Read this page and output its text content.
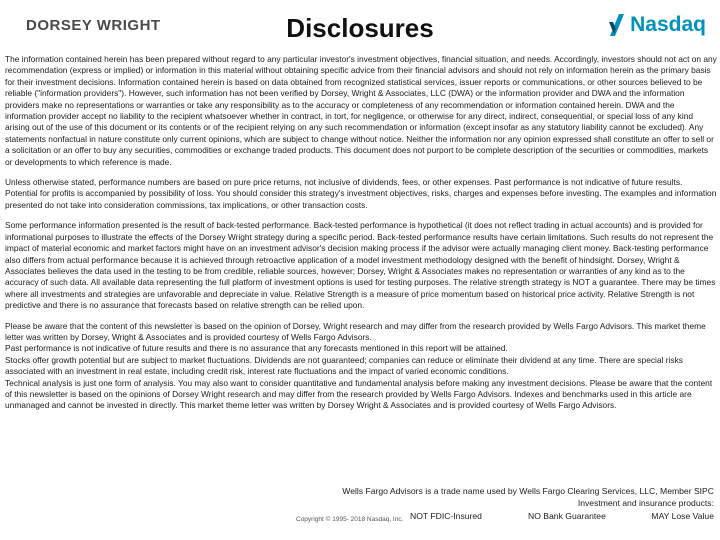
DORSEY WRIGHT	Disclosures	Nasdaq

The information contained herein has been prepared without regard to any particular investor's investment objectives, financial situation, and needs. Accordingly, investors should not act on any recommendation (express or implied) or information in this material without obtaining specific advice from their financial advisors and should not rely on information herein as the primary basis for their investment decisions. Information contained herein is based on data obtained from recognized statistical services, issuer reports or communications, or other sources believed to be reliable ("information providers"). However, such information has not been verified by Dorsey, Wright & Associates, LLC (DWA) or the information provider and DWA and the information providers make no representations or warranties or take any responsibility as to the accuracy or completeness of any recommendation or information contained herein. DWA and the information provider accept no liability to the recipient whatsoever whether in contract, in tort, for negligence, or otherwise for any direct, indirect, consequential, or special loss of any kind arising out of the use of this document or its contents or of the recipient relying on any such recommendation or information (except insofar as any statutory liability cannot be excluded). Any statements nonfactual in nature constitute only current opinions, which are subject to change without notice. Neither the information nor any opinion expressed shall constitute an offer to sell or a solicitation or an offer to buy any securities, commodities or exchange traded products. This document does not purport to be complete description of the securities or commodities, markets or developments to which reference is made.

Unless otherwise stated, performance numbers are based on pure price returns, not inclusive of dividends, fees, or other expenses. Past performance is not indicative of future results. Potential for profits is accompanied by possibility of loss. You should consider this strategy's investment objectives, risks, charges and expenses before investing. The examples and information presented do not take into consideration commissions, tax implications, or other transaction costs.

Some performance information presented is the result of back-tested performance. Back-tested performance is hypothetical (it does not reflect trading in actual accounts) and is provided for informational purposes to illustrate the effects of the Dorsey Wright strategy during a specific period. Back-tested performance results have certain limitations. Such results do not represent the impact of material economic and market factors might have on an investment advisor's decision making process if the advisor were actually managing client money. Back-testing performance also differs from actual performance because it is achieved through retroactive application of a model investment methodology designed with the benefit of hindsight. Dorsey, Wright & Associates believes the data used in the testing to be from credible, reliable sources, however; Dorsey, Wright & Associates makes no representation or warranties of any kind as to the accuracy of such data. All available data representing the full platform of investment options is used for testing purposes. The relative strength strategy is NOT a guarantee. There may be times where all investments and strategies are unfavorable and depreciate in value. Relative Strength is a measure of price momentum based on historical price activity. Relative Strength is not predictive and there is no assurance that forecasts based on relative strength can be relied upon.

Please be aware that the content of this newsletter is based on the opinion of Dorsey, Wright research and may differ from the research provided by Wells Fargo Advisors. This market theme letter was written by Dorsey, Wright & Associates and is provided courtesy of Wells Fargo Advisors.
Past performance is not indicative of future results and there is no assurance that any forecasts mentioned in this report will be attained.
Stocks offer growth potential but are subject to market fluctuations. Dividends are not guaranteed; companies can reduce or eliminate their dividend at any time. There are special risks associated with an investment in real estate, including credit risk, interest rate fluctuations and the impact of varied economic conditions.
Technical analysis is just one form of analysis. You may also want to consider quantitative and fundamental analysis before making any investment decisions. Please be aware that the content of this newsletter is based on the opinions of Dorsey Wright research and may differ from the research provided by Wells Fargo Advisors. Indexes and benchmarks used in this article are unmanaged and cannot be invested in directly. This market theme letter was written by Dorsey Wright & Associates and is provided courtesy of Wells Fargo Advisors.
Wells Fargo Advisors is a trade name used by Wells Fargo Clearing Services, LLC, Member SIPC
Investment and insurance products:
Copyright © 1995- 2018 Nasdaq, Inc. NOT FDIC-Insured	NO Bank Guarantee	MAY Lose Value
